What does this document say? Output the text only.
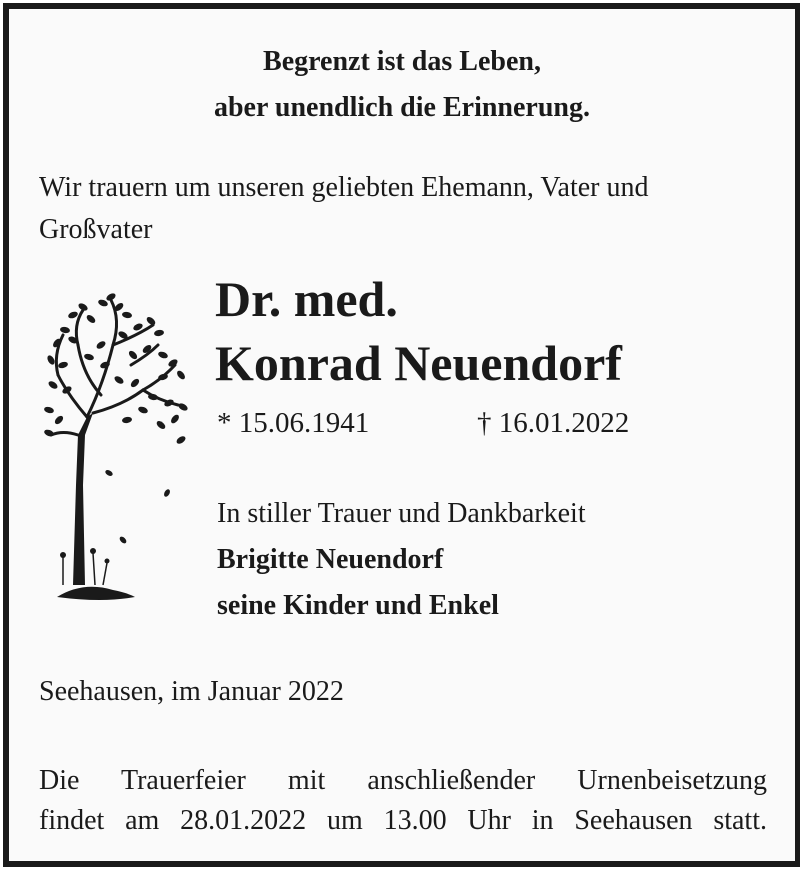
Begrenzt ist das Leben,
aber unendlich die Erinnerung.
Wir trauern um unseren geliebten Ehemann, Vater und Großvater
Dr. med.
Konrad Neuendorf
* 15.06.1941	† 16.01.2022
In stiller Trauer und Dankbarkeit
Brigitte Neuendorf
seine Kinder und Enkel
Seehausen, im Januar 2022
Die Trauerfeier mit anschließender Urnenbeisetzung
findet am 28.01.2022 um 13.00 Uhr in Seehausen statt.
